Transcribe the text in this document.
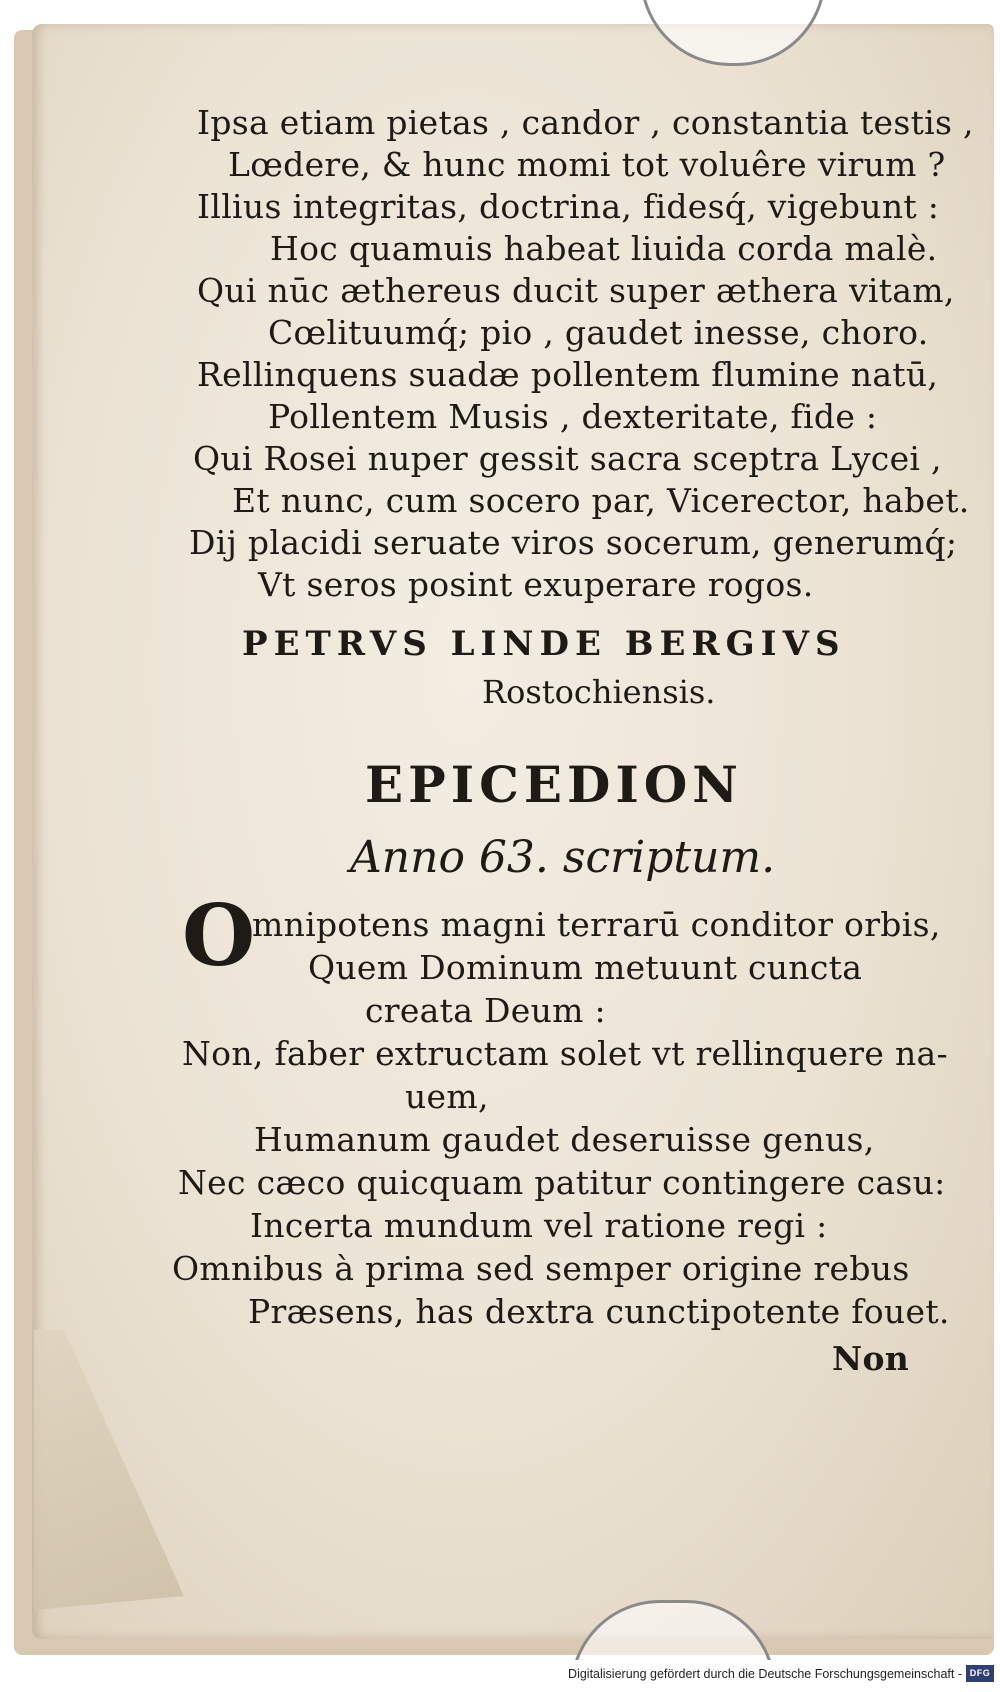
Ipsa etiam pietas , candor , constantia testis ,
Lœdere, & hunc momi tot voluêre virum ?
Illius integritas, doctrina, fidesq́, vigebunt :
Hoc quamuis habeat liuida corda malè.
Qui nūc æthereus ducit super æthera vitam,
Cœlituumq́; pio , gaudet inesse, choro.
Rellinquens suadæ pollentem flumine natū,
Pollentem Musis , dexteritate, fide :
Qui Rosei nuper gessit sacra sceptra Lycei ,
Et nunc, cum socero par, Vicerector, habet.
Dij placidi seruate viros socerum, generumq́;
Vt seros posint exuperare rogos.
PETRVS LINDE BERGIVS
Rostochiensis.
EPICEDION
Anno 63. scriptum.
O
mnipotens magni terrarū conditor orbis,
Quem Dominum metuunt cuncta
creata Deum :
Non, faber extructam solet vt rellinquere na-
uem,
Humanum gaudet deseruisse genus,
Nec cæco quicquam patitur contingere casu:
Incerta mundum vel ratione regi :
Omnibus à prima sed semper origine rebus
Præsens, has dextra cunctipotente fouet.
Non
Digitalisierung gefördert durch die Deutsche Forschungsgemeinschaft - DFG
